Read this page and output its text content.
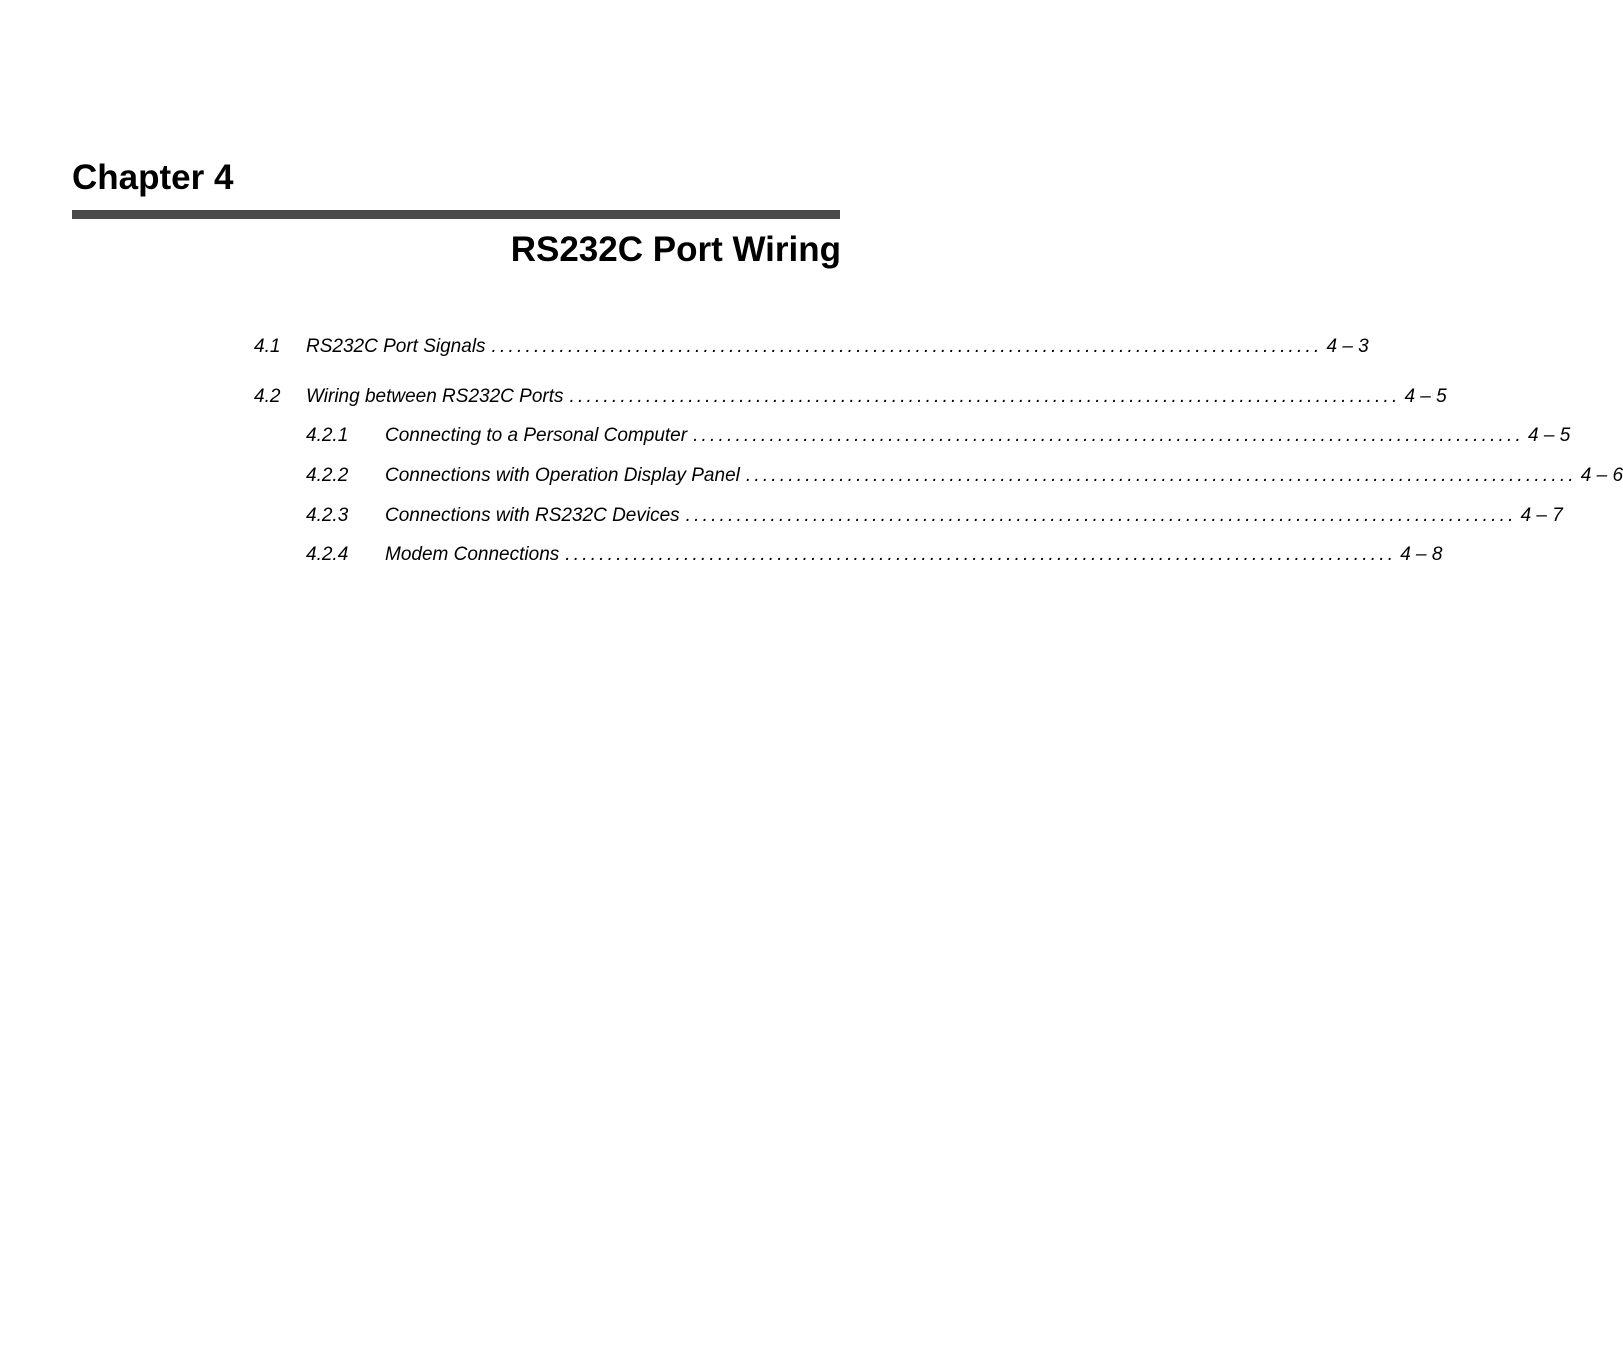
Chapter 4
RS232C Port Wiring
4.1	RS232C Port Signals .................................................................................................. 4 – 3
4.2	Wiring between RS232C Ports .................................................................................................. 4 – 5
4.2.1	Connecting to a Personal Computer .................................................................................................. 4 – 5
4.2.2	Connections with Operation Display Panel .................................................................................................. 4 – 6
4.2.3	Connections with RS232C Devices .................................................................................................. 4 – 7
4.2.4	Modem Connections .................................................................................................. 4 – 8
